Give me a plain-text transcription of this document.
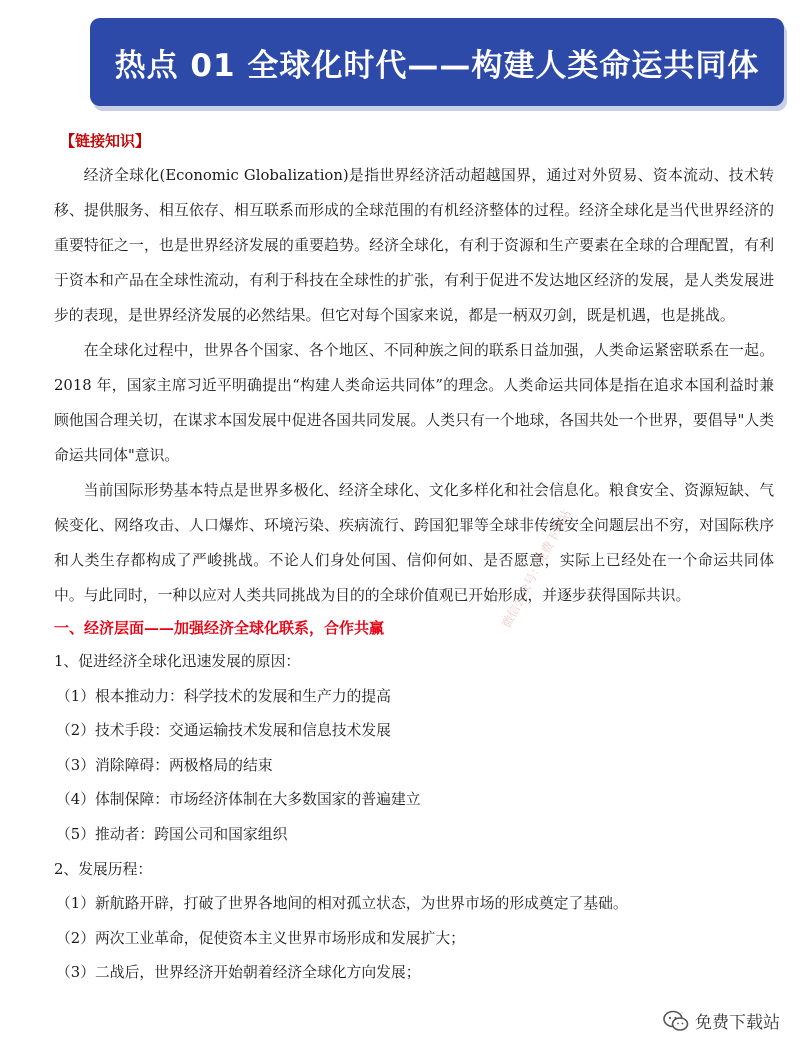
热点 01 全球化时代——构建人类命运共同体
【链接知识】

经济全球化(Economic Globalization)是指世界经济活动超越国界，通过对外贸易、资本流动、技术转移、提供服务、相互依存、相互联系而形成的全球范围的有机经济整体的过程。经济全球化是当代世界经济的重要特征之一，也是世界经济发展的重要趋势。经济全球化，有利于资源和生产要素在全球的合理配置，有利于资本和产品在全球性流动，有利于科技在全球性的扩张，有利于促进不发达地区经济的发展，是人类发展进步的表现，是世界经济发展的必然结果。但它对每个国家来说，都是一柄双刃剑，既是机遇，也是挑战。

在全球化过程中，世界各个国家、各个地区、不同种族之间的联系日益加强，人类命运紧密联系在一起。2018 年，国家主席习近平明确提出“构建人类命运共同体”的理念。人类命运共同体是指在追求本国利益时兼顾他国合理关切，在谋求本国发展中促进各国共同发展。人类只有一个地球，各国共处一个世界，要倡导"人类命运共同体"意识。

当前国际形势基本特点是世界多极化、经济全球化、文化多样化和社会信息化。粮食安全、资源短缺、气候变化、网络攻击、人口爆炸、环境污染、疾病流行、跨国犯罪等全球非传统安全问题层出不穷，对国际秩序和人类生存都构成了严峻挑战。不论人们身处何国、信仰何如、是否愿意，实际上已经处在一个命运共同体中。与此同时，一种以应对人类共同挑战为目的的全球价值观已开始形成，并逐步获得国际共识。

一、经济层面——加强经济全球化联系，合作共赢
1、促进经济全球化迅速发展的原因：
（1）根本推动力：科学技术的发展和生产力的提高
（2）技术手段：交通运输技术发展和信息技术发展
（3）消除障碍：两极格局的结束
（4）体制保障：市场经济体制在大多数国家的普遍建立
（5）推动者：跨国公司和国家组织
2、发展历程：
（1）新航路开辟，打破了世界各地间的相对孤立状态，为世界市场的形成奠定了基础。
（2）两次工业革命，促使资本主义世界市场形成和发展扩大；
（3）二战后，世界经济开始朝着经济全球化方向发展；
微信公众号：免费下载站
免费下载站
